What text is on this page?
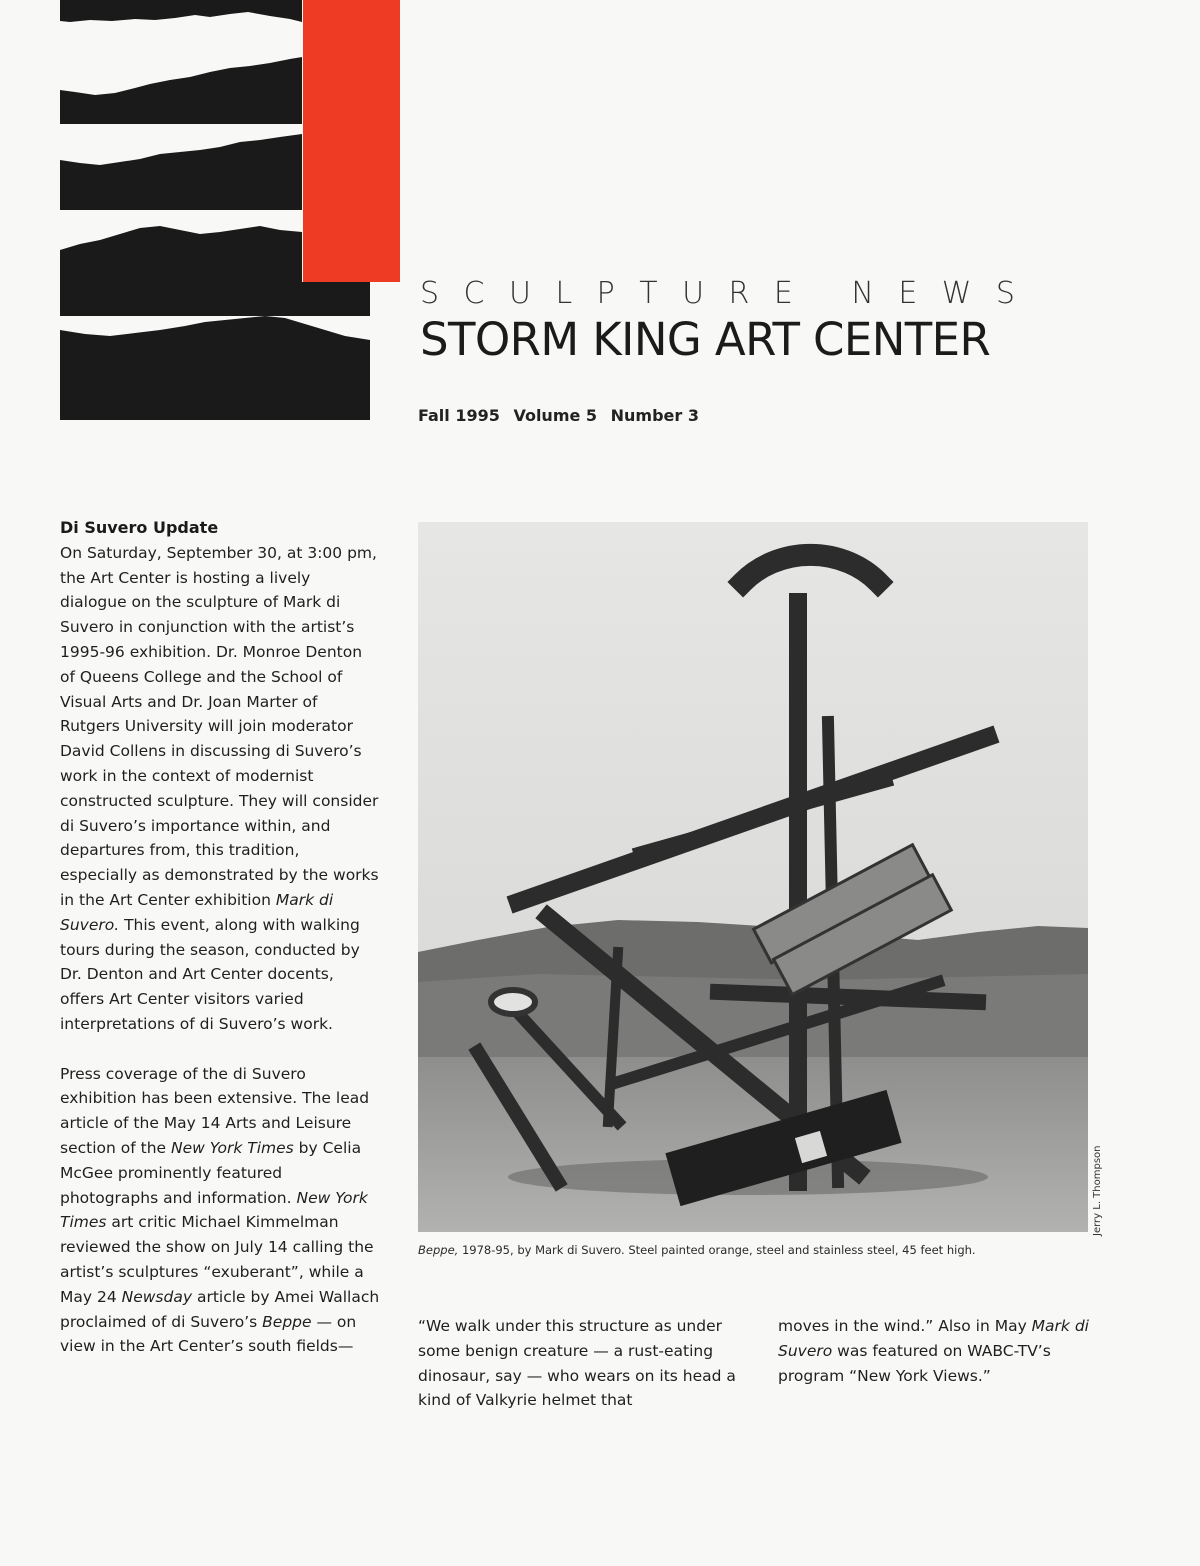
SCULPTURE NEWS
STORM KING ART CENTER
Fall 1995 Volume 5 Number 3
Di Suvero Update

On Saturday, September 30, at 3:00 pm, the Art Center is hosting a lively dialogue on the sculpture of Mark di Suvero in conjunction with the artist’s 1995-96 exhibition. Dr. Monroe Denton of Queens College and the School of Visual Arts and Dr. Joan Marter of Rutgers University will join moderator David Collens in discussing di Suvero’s work in the context of modernist constructed sculpture. They will consider di Suvero’s importance within, and departures from, this tradition, especially as demonstrated by the works in the Art Center exhibition Mark di Suvero. This event, along with walking tours during the season, conducted by Dr. Denton and Art Center docents, offers Art Center visitors varied interpretations of di Suvero’s work.

Press coverage of the di Suvero exhibition has been extensive. The lead article of the May 14 Arts and Leisure section of the New York Times by Celia McGee prominently featured photographs and information. New York Times art critic Michael Kimmelman reviewed the show on July 14 calling the artist’s sculptures “exuberant”, while a May 24 Newsday article by Amei Wallach proclaimed of di Suvero’s Beppe — on view in the Art Center’s south fields—

Jerry L. Thompson
Beppe, 1978-95, by Mark di Suvero. Steel painted orange, steel and stainless steel, 45 feet high.

“We walk under this structure as under some benign creature — a rust-eating dinosaur, say — who wears on its head a kind of Valkyrie helmet that

moves in the wind.” Also in May Mark di Suvero was featured on WABC-TV’s program “New York Views.”
